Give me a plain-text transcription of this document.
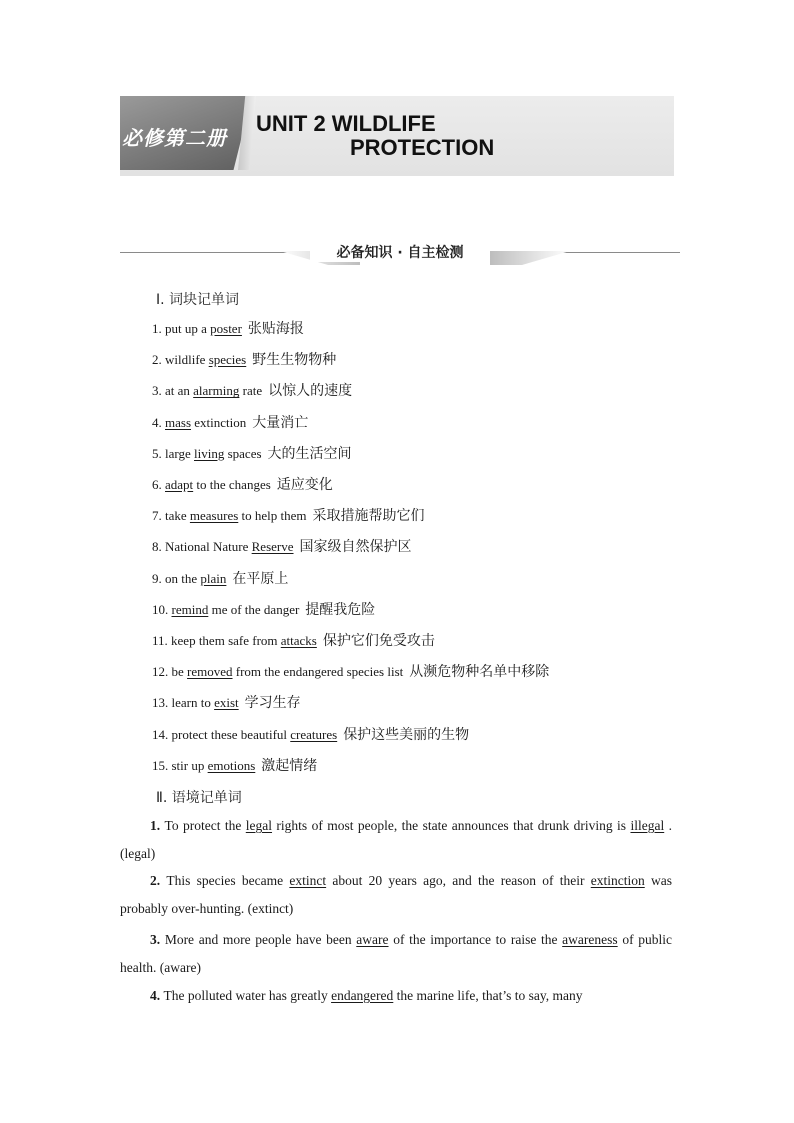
必修第二册
UNIT 2 WILDLIFE
PROTECTION
必备知识 · 自主检测
Ⅰ. 词块记单词
1. put up a poster 张贴海报
2. wildlife species 野生生物物种
3. at an alarming rate 以惊人的速度
4. mass extinction 大量消亡
5. large living spaces 大的生活空间
6. adapt to the changes 适应变化
7. take measures to help them 采取措施帮助它们
8. National Nature Reserve 国家级自然保护区
9. on the plain 在平原上
10. remind me of the danger 提醒我危险
11. keep them safe from attacks 保护它们免受攻击
12. be removed from the endangered species list 从濒危物种名单中移除
13. learn to exist 学习生存
14. protect these beautiful creatures 保护这些美丽的生物
15. stir up emotions 激起情绪
Ⅱ. 语境记单词
1. To protect the legal rights of most people, the state announces that drunk driving is illegal . (legal)
2. This species became extinct about 20 years ago, and the reason of their extinction was probably over-hunting. (extinct)
3. More and more people have been aware of the importance to raise the awareness of public health. (aware)
4. The polluted water has greatly endangered the marine life, that’s to say, many
